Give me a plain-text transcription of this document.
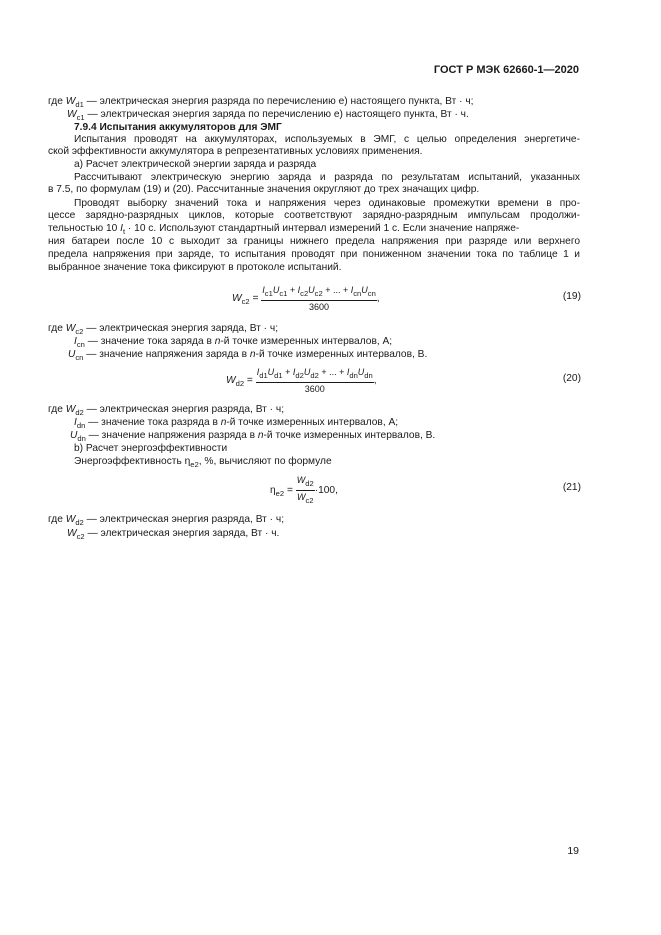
ГОСТ Р МЭК 62660-1—2020
где $W_{d1}$ — электрическая энергия разряда по перечислению е) настоящего пункта, Вт · ч;
$W_{c1}$ — электрическая энергия заряда по перечислению е) настоящего пункта, Вт · ч.
7.9.4 Испытания аккумуляторов для ЭМГ
Испытания проводят на аккумуляторах, используемых в ЭМГ, с целью определения энергетиче-
ской эффективности аккумулятора в репрезентативных условиях применения.
а) Расчет электрической энергии заряда и разряда
Рассчитывают электрическую энергию заряда и разряда по результатам испытаний, указанных
в 7.5, по формулам (19) и (20). Рассчитанные значения округляют до трех значащих цифр.
Проводят выборку значений тока и напряжения через одинаковые промежутки времени в про-
цессе зарядно-разрядных циклов, которые соответствуют зарядно-разрядным импульсам продолжи-
тельностью 10 $I_t \cdot 10$ с. Используют стандартный интервал измерений 1 с. Если значение напряже-
ния батареи после 10 с выходит за границы нижнего предела напряжения при разряде или верхнего
предела напряжения при заряде, то испытания проводят при пониженном значении тока по таблице 1 и
выбранное значение тока фиксируют в протоколе испытаний.
$W_{c2} = \frac{I_{c1}U_{c1} + I_{c2}U_{c2} + ... + I_{cn}U_{cn}}{3600}$ ,	(19)
где $W_{c2}$ — электрическая энергия заряда, Вт · ч;
$I_{cn}$ — значение тока заряда в n-й точке измеренных интервалов, А;
$U_{cn}$ — значение напряжения заряда в n-й точке измеренных интервалов, В.
$W_{d2} = \frac{I_{d1}U_{d1} + I_{d2}U_{d2} + ... + I_{dn}U_{dn}}{3600}$ ,	(20)
где $W_{d2}$ — электрическая энергия разряда, Вт · ч;
$I_{dn}$ — значение тока разряда в n-й точке измеренных интервалов, А;
$U_{dn}$ — значение напряжения разряда в n-й точке измеренных интервалов, В.
b) Расчет энергоэффективности
Энергоэффективность $\eta_{e2}$, %, вычисляют по формуле
$\eta_{e2} = \frac{W_{d2}}{W_{c2}} \cdot 100$,	(21)
где $W_{d2}$ — электрическая энергия разряда, Вт · ч;
$W_{c2}$ — электрическая энергия заряда, Вт · ч.
19
